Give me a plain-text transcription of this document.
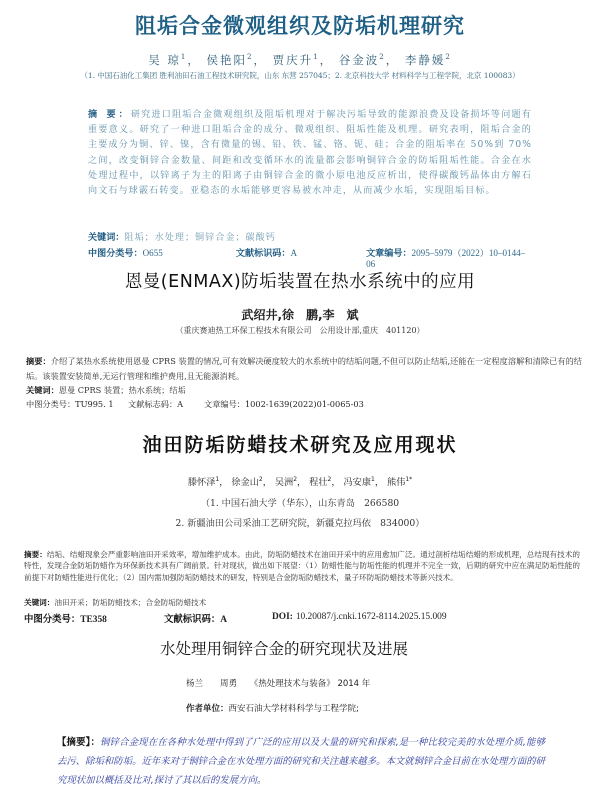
阻垢合金微观组织及防垢机理研究
吴 琼$^1$， 侯艳阳$^2$， 贾庆升$^1$， 谷金波$^2$， 李静媛$^2$
（1. 中国石油化工集团 胜利油田石油工程技术研究院，山东 东营 257045；2. 北京科技大学 材料科学与工程学院，北京 100083）
摘 要：研究进口阻垢合金微观组织及阻垢机理对于解决污垢导致的能源浪费及设备损坏等问题有重要意义。研究了一种进口阻垢合金的成分、微观组织、阻垢性能及机理。研究表明，阻垢合金的主要成分为铜、锌、镍，含有微量的锡、铅、铁、锰、铬、铌、硅；合金的阻垢率在 50%到 70%之间，改变铜锌合金数量、间距和改变循环水的流量都会影响铜锌合金的防垢阻垢性能。合金在水处理过程中，以锌离子为主的阳离子由铜锌合金的微小原电池反应析出，使得碳酸钙晶体由方解石向文石与球霰石转变。亚稳态的水垢能够更容易被水冲走，从而减少水垢，实现阻垢目标。
关键词：阻垢；水处理；铜锌合金；碳酸钙
中图分类号：O655	文献标识码：A	文章编号：2095–5979（2022）10–0144–06
恩曼(ENMAX)防垢装置在热水系统中的应用
武绍井,徐　鹏,李　斌
（重庆赛迪热工环保工程技术有限公司　公用设计部,重庆　401120）
摘要：介绍了某热水系统使用恩曼 CPRS 装置的情况,可有效解决硬度较大的水系统中的结垢问题,不但可以防止结垢,还能在一定程度溶解和清除已有的结垢。该装置安装简单,无运行管理和维护费用,且无能源消耗。
关键词：恩曼 CPRS 装置；热水系统；结垢
中图分类号：TU995. 1	文献标志码：A	文章编号：1002-1639(2022)01-0065-03
油田防垢防蜡技术研究及应用现状
滕怀泽$^1$， 徐金山$^2$， 吴洲$^2$， 程壮$^2$， 冯安康$^1$， 熊伟$^{1*}$
（1. 中国石油大学（华东），山东青岛　266580
2. 新疆油田公司采油工艺研究院，新疆克拉玛依　834000）
摘要：结垢、结蜡现象会严重影响油田开采效率，增加维护成本。由此，防垢防蜡技术在油田开采中的应用愈加广泛。通过剖析结垢结蜡的形成机理，总结现有技术的特性，发现合金防垢防蜡作为环保新技术具有广阔前景。针对现状，做出如下展望：（1）防蜡性能与防垢性能的机理并不完全一致，后期的研究中应在满足防垢性能的前提下对防蜡性能进行优化；（2）国内需加强防垢防蜡技术的研发，特别是合金防垢防蜡技术，量子环防垢防蜡技术等新兴技术。
关键词：油田开采；防垢防蜡技术；合金防垢防蜡技术
中图分类号：TE358	文献标识码：A	DOI: 10.20087/j.cnki.1672-8114.2025.15.009
水处理用铜锌合金的研究现状及进展
杨兰　　周勇　　《热处理技术与装备》 2014 年
作者单位：西安石油大学材料科学与工程学院;
【摘要】：铜锌合金现在在各种水处理中得到了广泛的应用以及大量的研究和探索,是一种比较完美的水处理介质,能够去污、除垢和防垢。近年来对于铜锌合金在水处理方面的研究和关注越来越多。本文就铜锌合金目前在水处理方面的研究现状加以概括及比对,探讨了其以后的发展方向。
